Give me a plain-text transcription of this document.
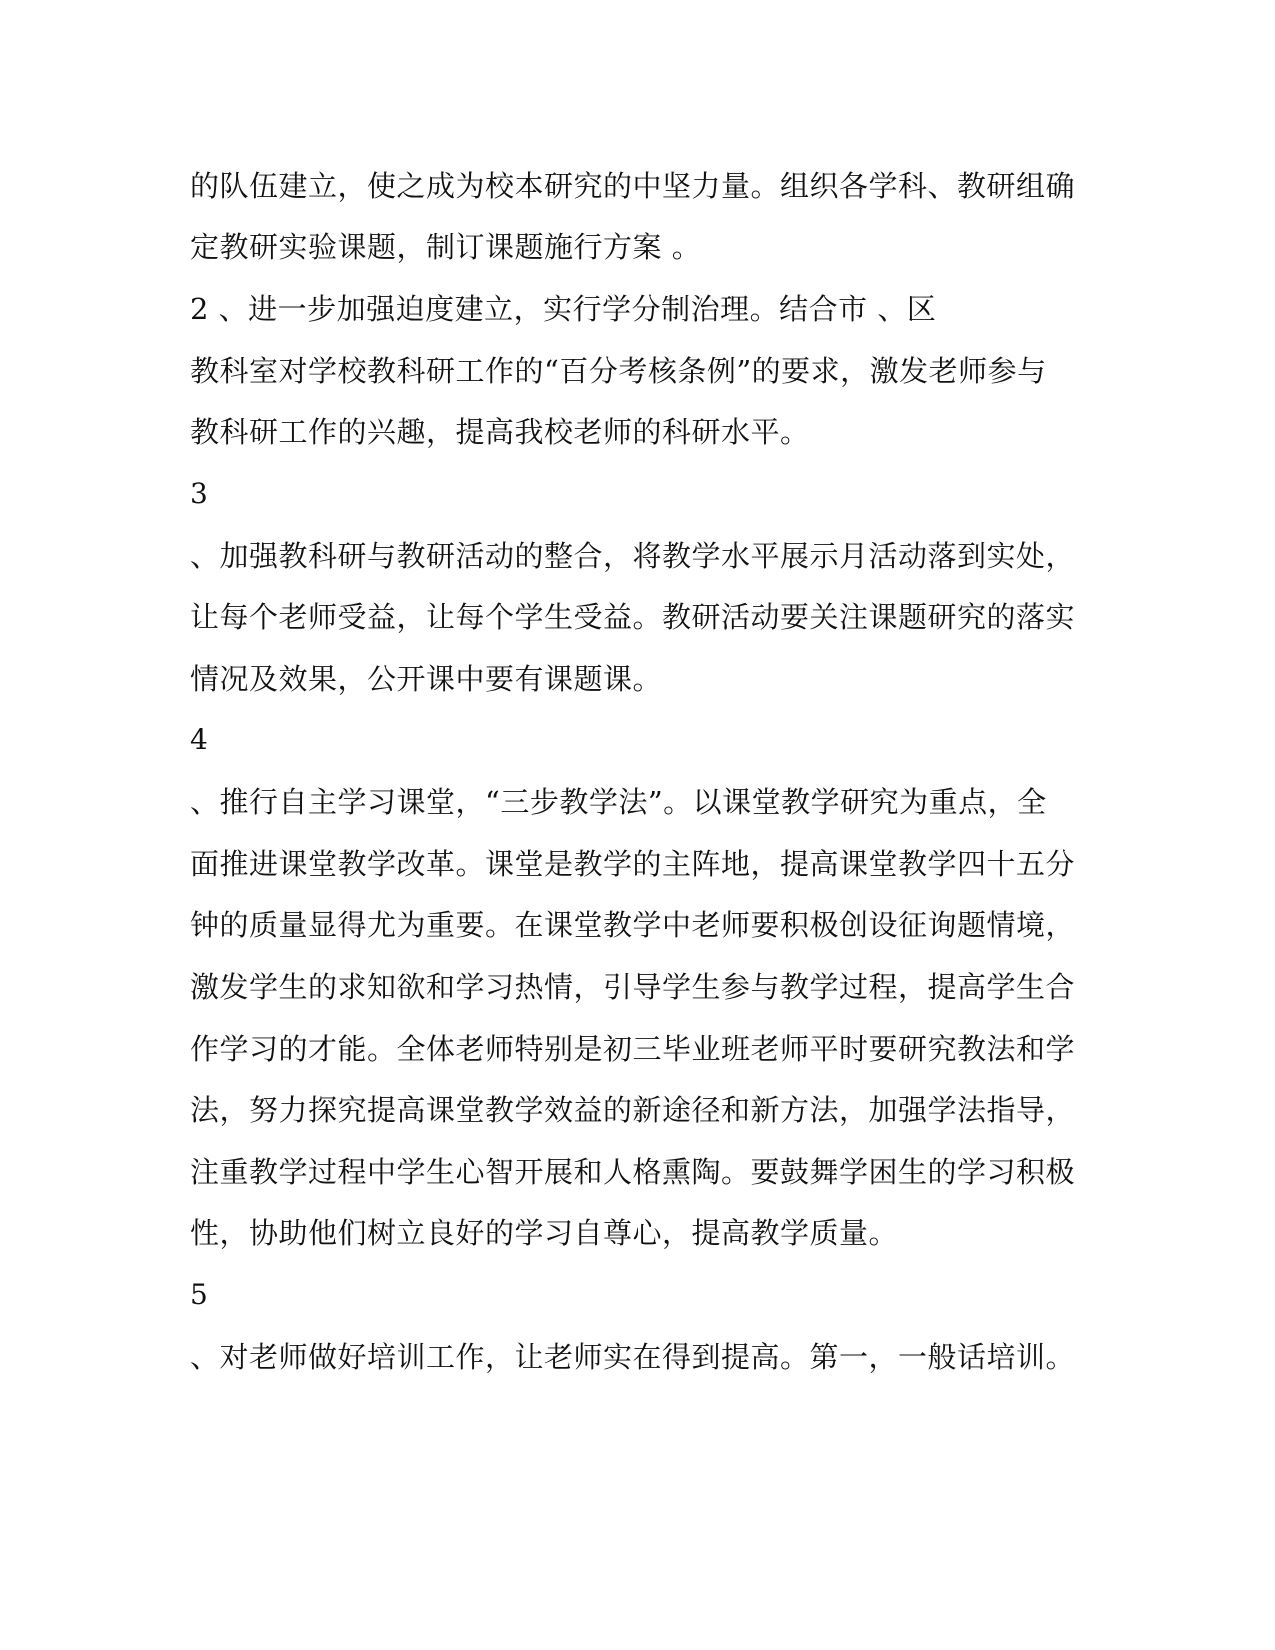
的队伍建立，使之成为校本研究的中坚力量。组织各学科、教研组确
定教研实验课题，制订课题施行方案 。
2 、进一步加强迫度建立，实行学分制治理。结合市 、区
教科室对学校教科研工作的“百分考核条例”的要求，激发老师参与
教科研工作的兴趣，提高我校老师的科研水平。
3
、加强教科研与教研活动的整合，将教学水平展示月活动落到实处，
让每个老师受益，让每个学生受益。教研活动要关注课题研究的落实
情况及效果，公开课中要有课题课。
4
、推行自主学习课堂，“三步教学法”。以课堂教学研究为重点，全
面推进课堂教学改革。课堂是教学的主阵地，提高课堂教学四十五分
钟的质量显得尤为重要。在课堂教学中老师要积极创设征询题情境，
激发学生的求知欲和学习热情，引导学生参与教学过程，提高学生合
作学习的才能。全体老师特别是初三毕业班老师平时要研究教法和学
法，努力探究提高课堂教学效益的新途径和新方法，加强学法指导，
注重教学过程中学生心智开展和人格熏陶。要鼓舞学困生的学习积极
性，协助他们树立良好的学习自尊心，提高教学质量。
5
、对老师做好培训工作，让老师实在得到提高。第一，一般话培训。
